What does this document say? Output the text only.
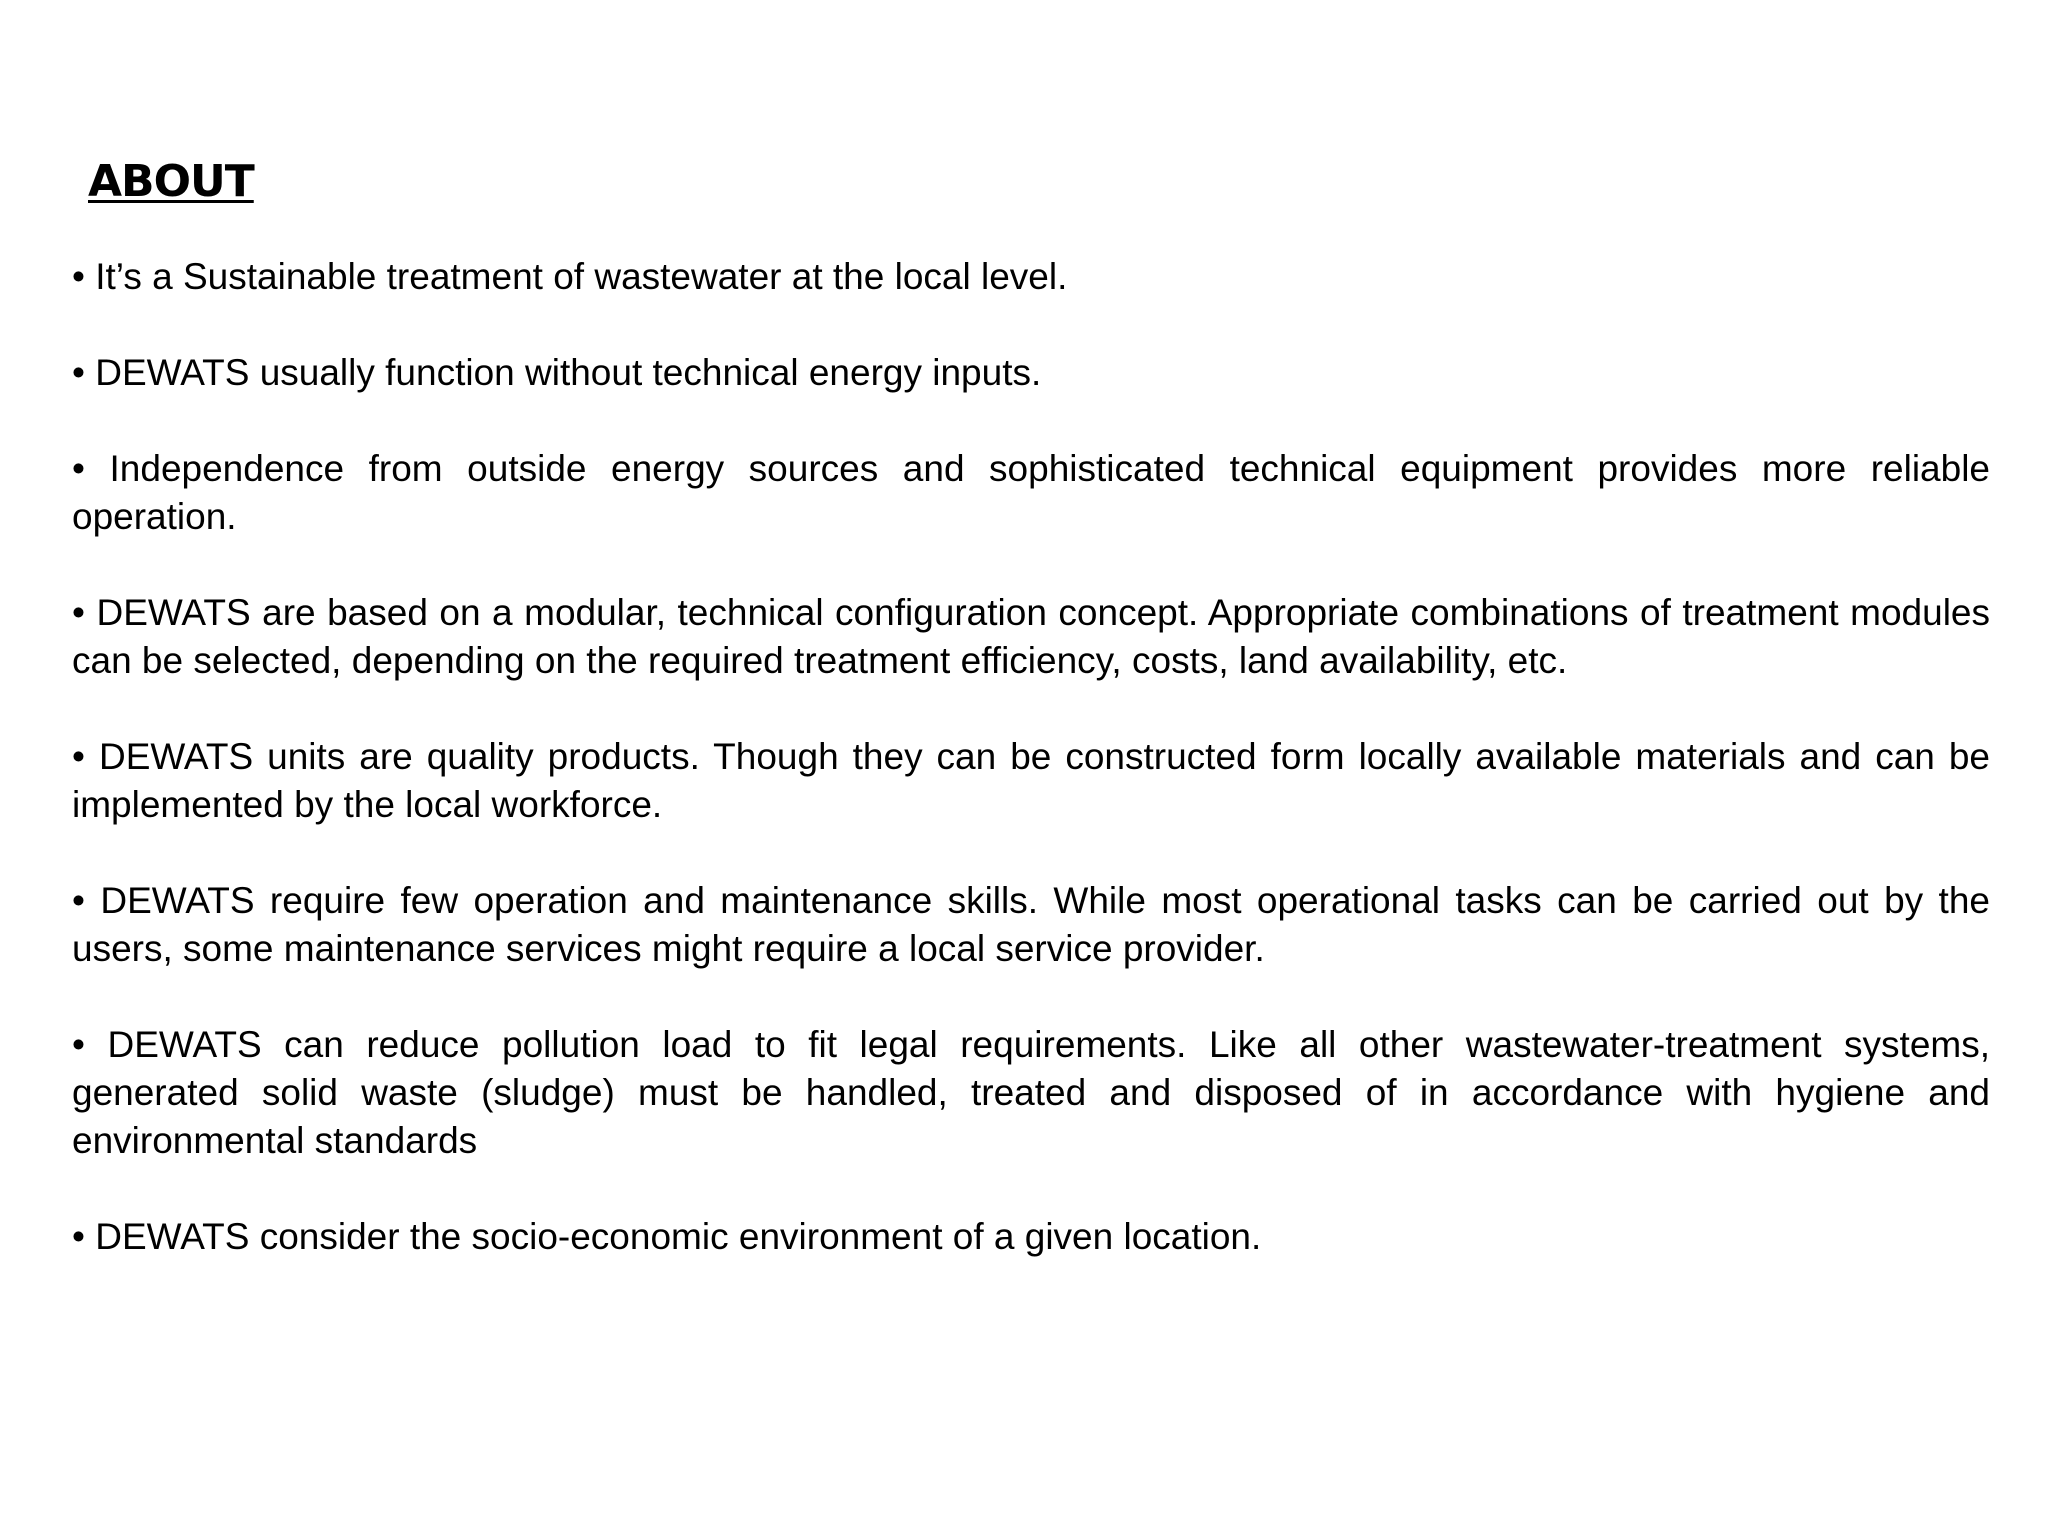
ABOUT
• It’s a Sustainable treatment of wastewater at the local level.
• DEWATS usually function without technical energy inputs.
• Independence from outside energy sources and sophisticated technical equipment provides more reliable operation.
• DEWATS are based on a modular, technical configuration concept. Appropriate combinations of treatment modules can be selected, depending on the required treatment efficiency, costs, land availability, etc.
• DEWATS units are quality products. Though they can be constructed form locally available materials and can be implemented by the local workforce.
• DEWATS require few operation and maintenance skills. While most operational tasks can be carried out by the users, some maintenance services might require a local service provider.
• DEWATS can reduce pollution load to fit legal requirements. Like all other wastewater-treatment systems, generated solid waste (sludge) must be handled, treated and disposed of in accordance with hygiene and environmental standards
• DEWATS consider the socio-economic environment of a given location.
